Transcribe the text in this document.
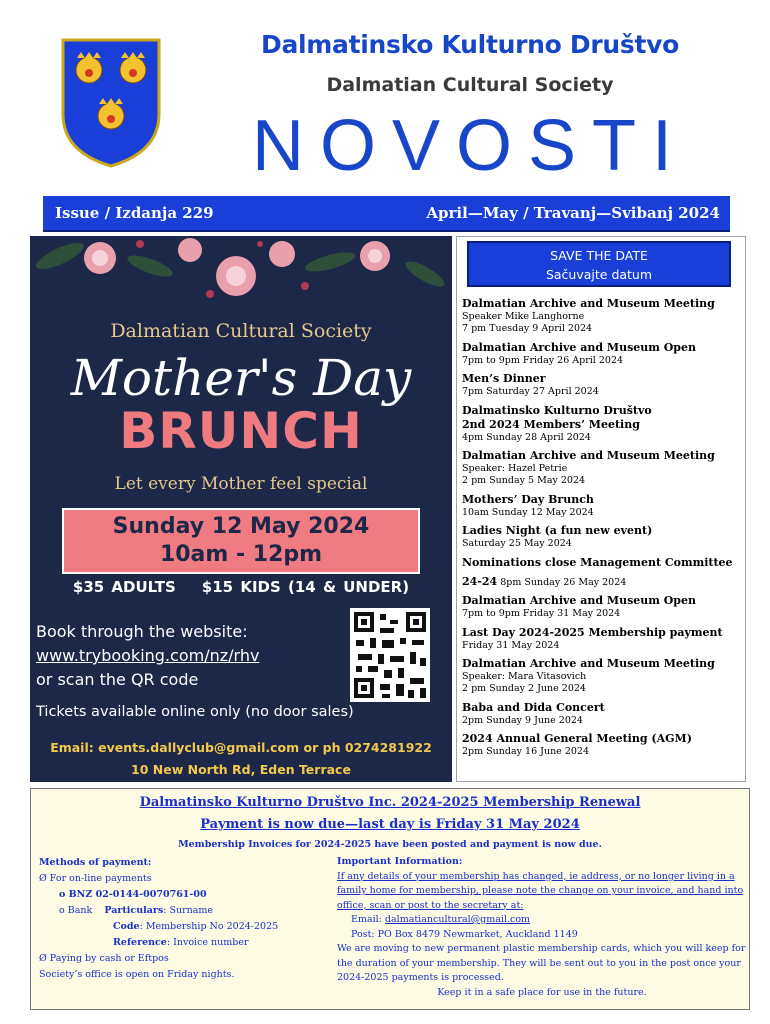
Dalmatinsko Kulturno Društvo
Dalmatian Cultural Society
NOVOSTI
Issue / Izdanja 229	April—May / Travanj—Svibanj 2024
Dalmatian Cultural Society
Mother's Day
BRUNCH
Let every Mother feel special
Sunday 12 May 2024
10am - 12pm
$35 ADULTS $15 KIDS (14 & UNDER)
Book through the website:
www.trybooking.com/nz/rhv
or scan the QR code
Tickets available online only (no door sales)
Email: events.dallyclub@gmail.com or ph 0274281922
10 New North Rd, Eden Terrace
SAVE THE DATE
Sačuvajte datum
Dalmatian Archive and Museum Meeting
Speaker Mike Langhorne
7 pm Tuesday 9 April 2024
Dalmatian Archive and Museum Open
7pm to 9pm Friday 26 April 2024
Men’s Dinner
7pm Saturday 27 April 2024
Dalmatinsko Kulturno Društvo
2nd 2024 Members’ Meeting
4pm Sunday 28 April 2024
Dalmatian Archive and Museum Meeting
Speaker: Hazel Petrie
2 pm Sunday 5 May 2024
Mothers’ Day Brunch
10am Sunday 12 May 2024
Ladies Night (a fun new event)
Saturday 25 May 2024
Nominations close Management Committee
24-24 8pm Sunday 26 May 2024
Dalmatian Archive and Museum Open
7pm to 9pm Friday 31 May 2024
Last Day 2024-2025 Membership payment
Friday 31 May 2024
Dalmatian Archive and Museum Meeting
Speaker: Mara Vitasovich
2 pm Sunday 2 June 2024
Baba and Dida Concert
2pm Sunday 9 June 2024
2024 Annual General Meeting (AGM)
2pm Sunday 16 June 2024
Dalmatinsko Kulturno Društvo Inc. 2024-2025 Membership Renewal
Payment is now due—last day is Friday 31 May 2024
Membership Invoices for 2024-2025 have been posted and payment is now due.
Methods of payment:
Ø For on-line payments
o BNZ 02-0144-0070761-00
o Bank Particulars: Surname
Code: Membership No 2024-2025
Reference: Invoice number
Ø Paying by cash or Eftpos
Society’s office is open on Friday nights.
Important Information:
If any details of your membership has changed, ie address, or no longer living in a family home for membership, please note the change on your invoice, and hand into office, scan or post to the secretary at:
Email: dalmatiancultural@gmail.com
Post: PO Box 8479 Newmarket, Auckland 1149
We are moving to new permanent plastic membership cards, which you will keep for the duration of your membership. They will be sent out to you in the post once your 2024-2025 payments is processed.
Keep it in a safe place for use in the future.
